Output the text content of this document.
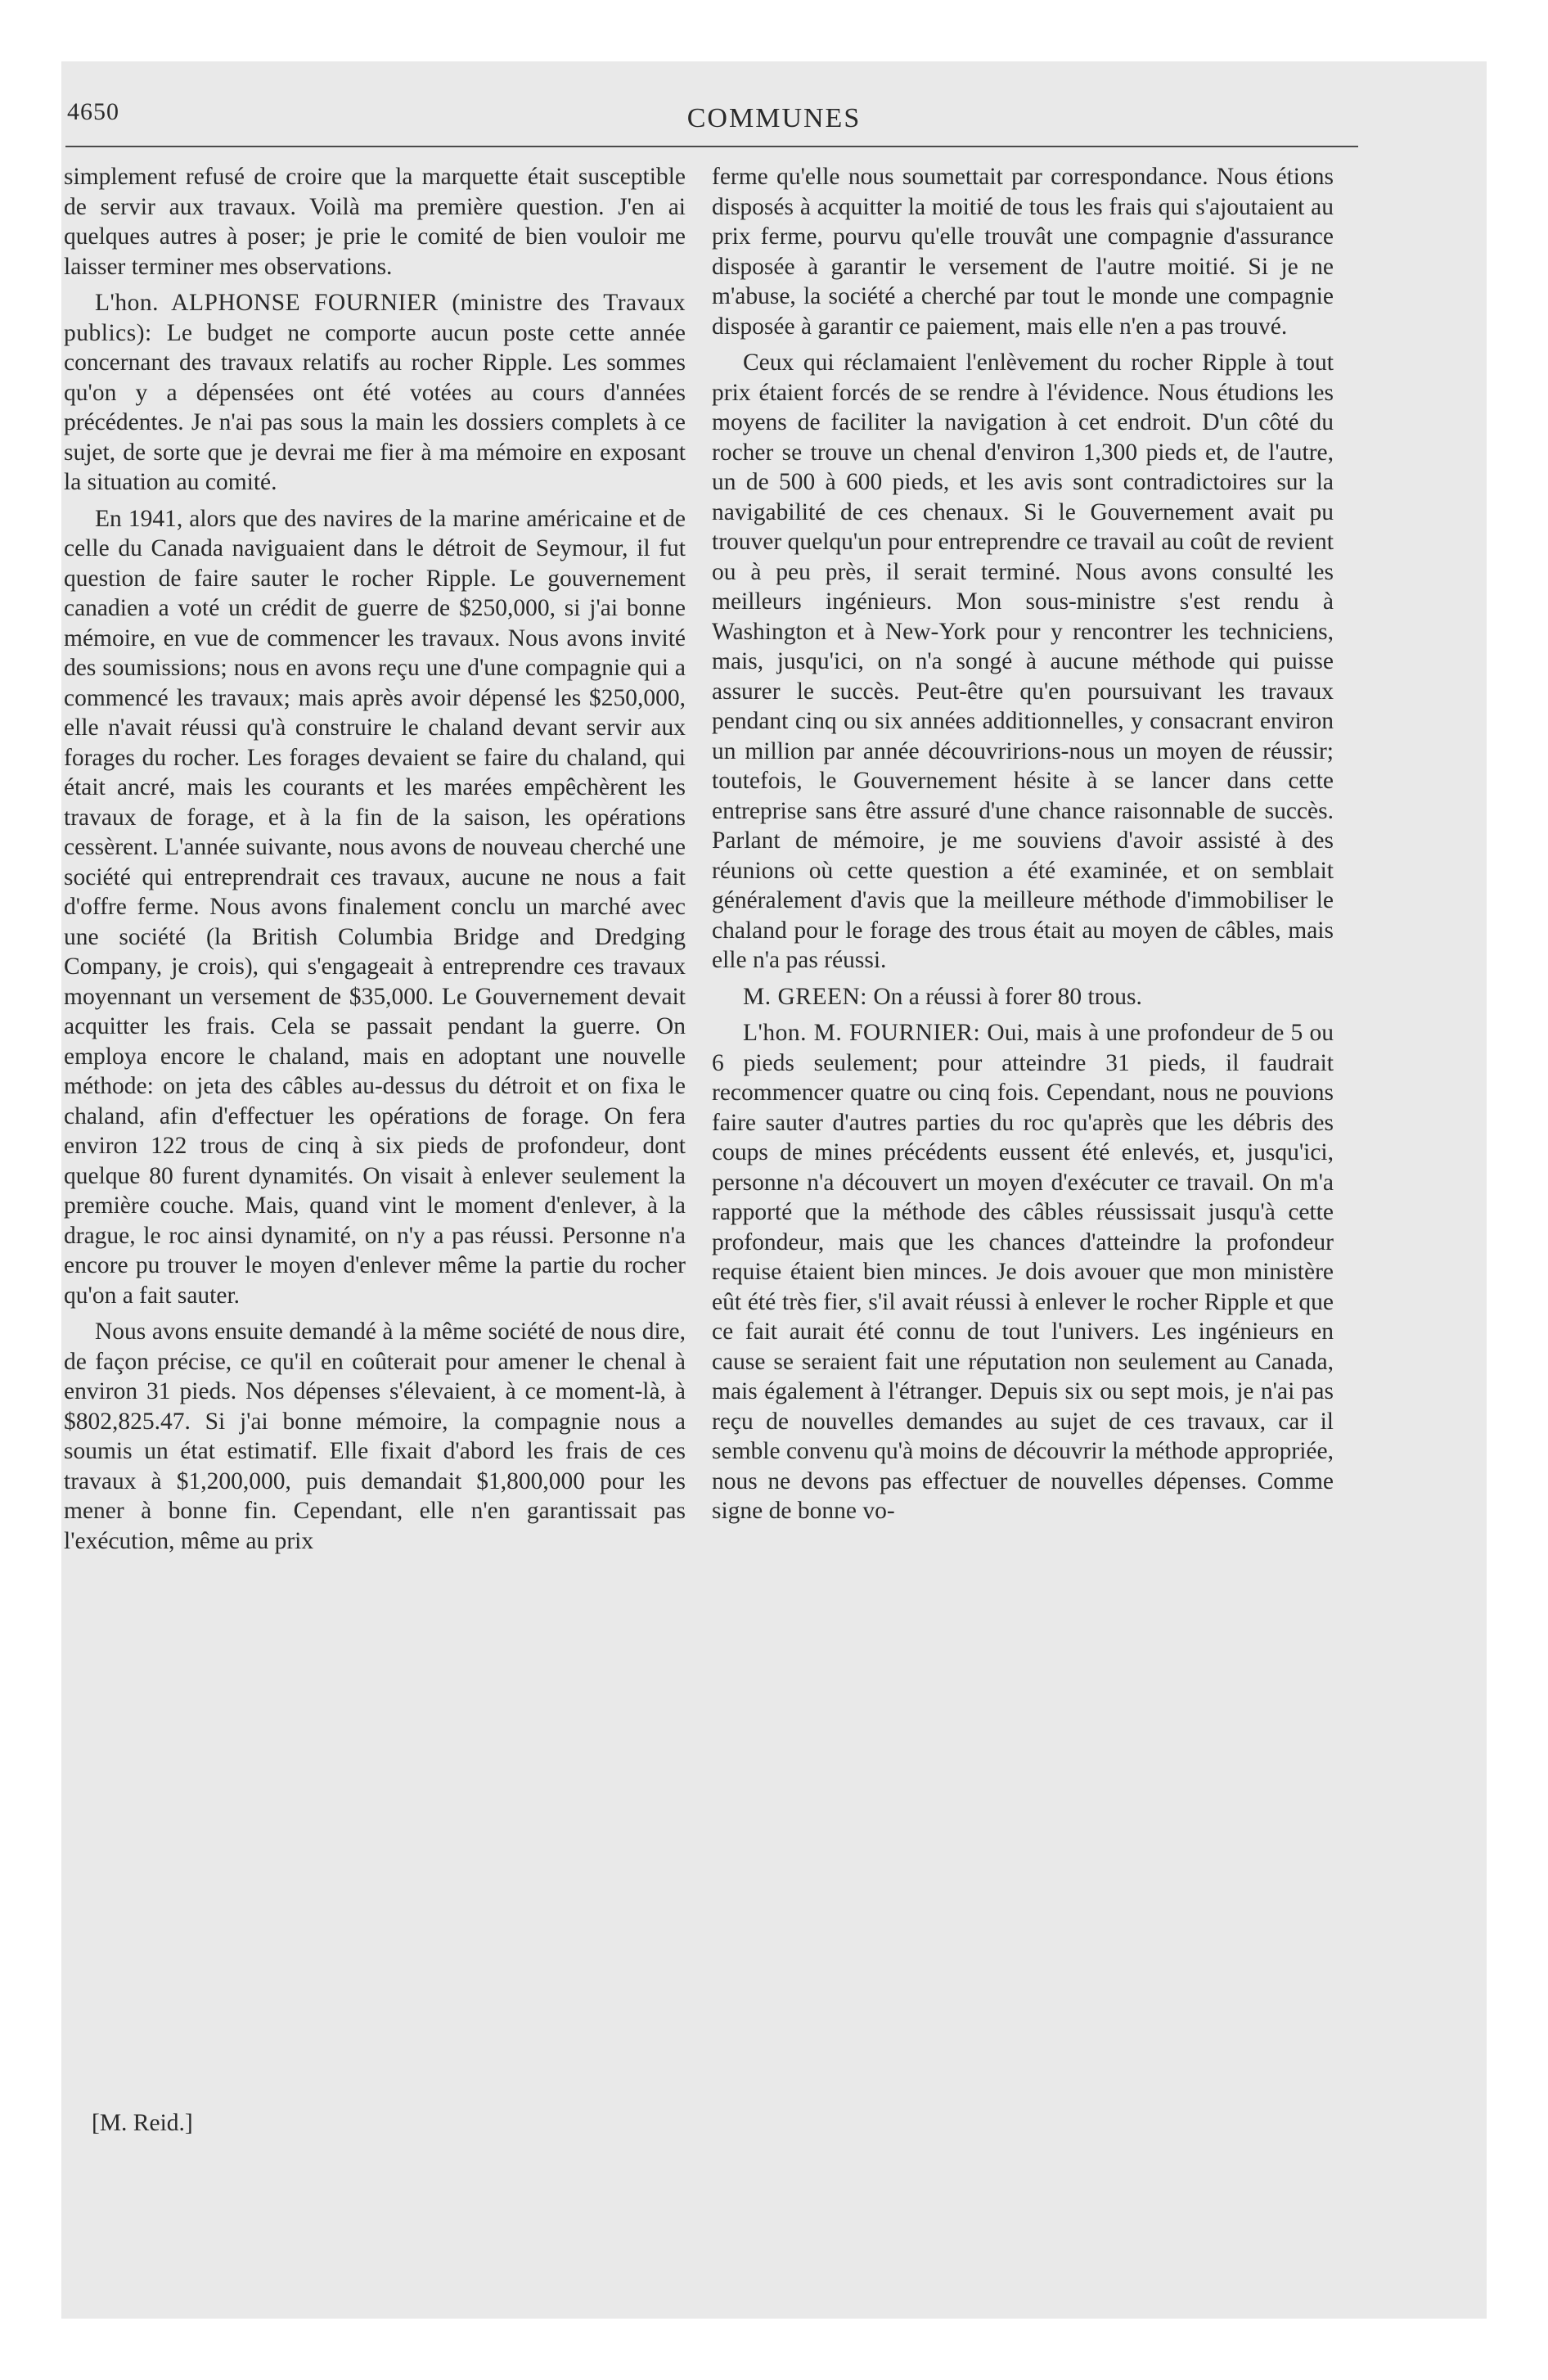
4650	COMMUNES

simplement refusé de croire que la marquette était susceptible de servir aux travaux. Voilà ma première question. J'en ai quelques autres à poser; je prie le comité de bien vouloir me laisser terminer mes observations.

L'hon. ALPHONSE FOURNIER (ministre des Travaux publics): Le budget ne comporte aucun poste cette année concernant des travaux relatifs au rocher Ripple. Les sommes qu'on y a dépensées ont été votées au cours d'années précédentes. Je n'ai pas sous la main les dossiers complets à ce sujet, de sorte que je devrai me fier à ma mémoire en exposant la situation au comité.

En 1941, alors que des navires de la marine américaine et de celle du Canada naviguaient dans le détroit de Seymour, il fut question de faire sauter le rocher Ripple. Le gouvernement canadien a voté un crédit de guerre de $250,000, si j'ai bonne mémoire, en vue de commencer les travaux. Nous avons invité des soumissions; nous en avons reçu une d'une compagnie qui a commencé les travaux; mais après avoir dépensé les $250,000, elle n'avait réussi qu'à construire le chaland devant servir aux forages du rocher. Les forages devaient se faire du chaland, qui était ancré, mais les courants et les marées empêchèrent les travaux de forage, et à la fin de la saison, les opérations cessèrent. L'année suivante, nous avons de nouveau cherché une société qui entreprendrait ces travaux, aucune ne nous a fait d'offre ferme. Nous avons finalement conclu un marché avec une société (la British Columbia Bridge and Dredging Company, je crois), qui s'engageait à entreprendre ces travaux moyennant un versement de $35,000. Le Gouvernement devait acquitter les frais. Cela se passait pendant la guerre. On employa encore le chaland, mais en adoptant une nouvelle méthode: on jeta des câbles au-dessus du détroit et on fixa le chaland, afin d'effectuer les opérations de forage. On fera environ 122 trous de cinq à six pieds de profondeur, dont quelque 80 furent dynamités. On visait à enlever seulement la première couche. Mais, quand vint le moment d'enlever, à la drague, le roc ainsi dynamité, on n'y a pas réussi. Personne n'a encore pu trouver le moyen d'enlever même la partie du rocher qu'on a fait sauter.

Nous avons ensuite demandé à la même société de nous dire, de façon précise, ce qu'il en coûterait pour amener le chenal à environ 31 pieds. Nos dépenses s'élevaient, à ce moment-là, à $802,825.47. Si j'ai bonne mémoire, la compagnie nous a soumis un état estimatif. Elle fixait d'abord les frais de ces travaux à $1,200,000, puis demandait $1,800,000 pour les mener à bonne fin. Cependant, elle n'en garantissait pas l'exécution, même au prix

[M. Reid.]

ferme qu'elle nous soumettait par correspondance. Nous étions disposés à acquitter la moitié de tous les frais qui s'ajoutaient au prix ferme, pourvu qu'elle trouvât une compagnie d'assurance disposée à garantir le versement de l'autre moitié. Si je ne m'abuse, la société a cherché par tout le monde une compagnie disposée à garantir ce paiement, mais elle n'en a pas trouvé.

Ceux qui réclamaient l'enlèvement du rocher Ripple à tout prix étaient forcés de se rendre à l'évidence. Nous étudions les moyens de faciliter la navigation à cet endroit. D'un côté du rocher se trouve un chenal d'environ 1,300 pieds et, de l'autre, un de 500 à 600 pieds, et les avis sont contradictoires sur la navigabilité de ces chenaux. Si le Gouvernement avait pu trouver quelqu'un pour entreprendre ce travail au coût de revient ou à peu près, il serait terminé. Nous avons consulté les meilleurs ingénieurs. Mon sous-ministre s'est rendu à Washington et à New-York pour y rencontrer les techniciens, mais, jusqu'ici, on n'a songé à aucune méthode qui puisse assurer le succès. Peut-être qu'en poursuivant les travaux pendant cinq ou six années additionnelles, y consacrant environ un million par année découvririons-nous un moyen de réussir; toutefois, le Gouvernement hésite à se lancer dans cette entreprise sans être assuré d'une chance raisonnable de succès. Parlant de mémoire, je me souviens d'avoir assisté à des réunions où cette question a été examinée, et on semblait généralement d'avis que la meilleure méthode d'immobiliser le chaland pour le forage des trous était au moyen de câbles, mais elle n'a pas réussi.

M. GREEN: On a réussi à forer 80 trous.

L'hon. M. FOURNIER: Oui, mais à une profondeur de 5 ou 6 pieds seulement; pour atteindre 31 pieds, il faudrait recommencer quatre ou cinq fois. Cependant, nous ne pouvions faire sauter d'autres parties du roc qu'après que les débris des coups de mines précédents eussent été enlevés, et, jusqu'ici, personne n'a découvert un moyen d'exécuter ce travail. On m'a rapporté que la méthode des câbles réussissait jusqu'à cette profondeur, mais que les chances d'atteindre la profondeur requise étaient bien minces. Je dois avouer que mon ministère eût été très fier, s'il avait réussi à enlever le rocher Ripple et que ce fait aurait été connu de tout l'univers. Les ingénieurs en cause se seraient fait une réputation non seulement au Canada, mais également à l'étranger. Depuis six ou sept mois, je n'ai pas reçu de nouvelles demandes au sujet de ces travaux, car il semble convenu qu'à moins de découvrir la méthode appropriée, nous ne devons pas effectuer de nouvelles dépenses. Comme signe de bonne vo-
